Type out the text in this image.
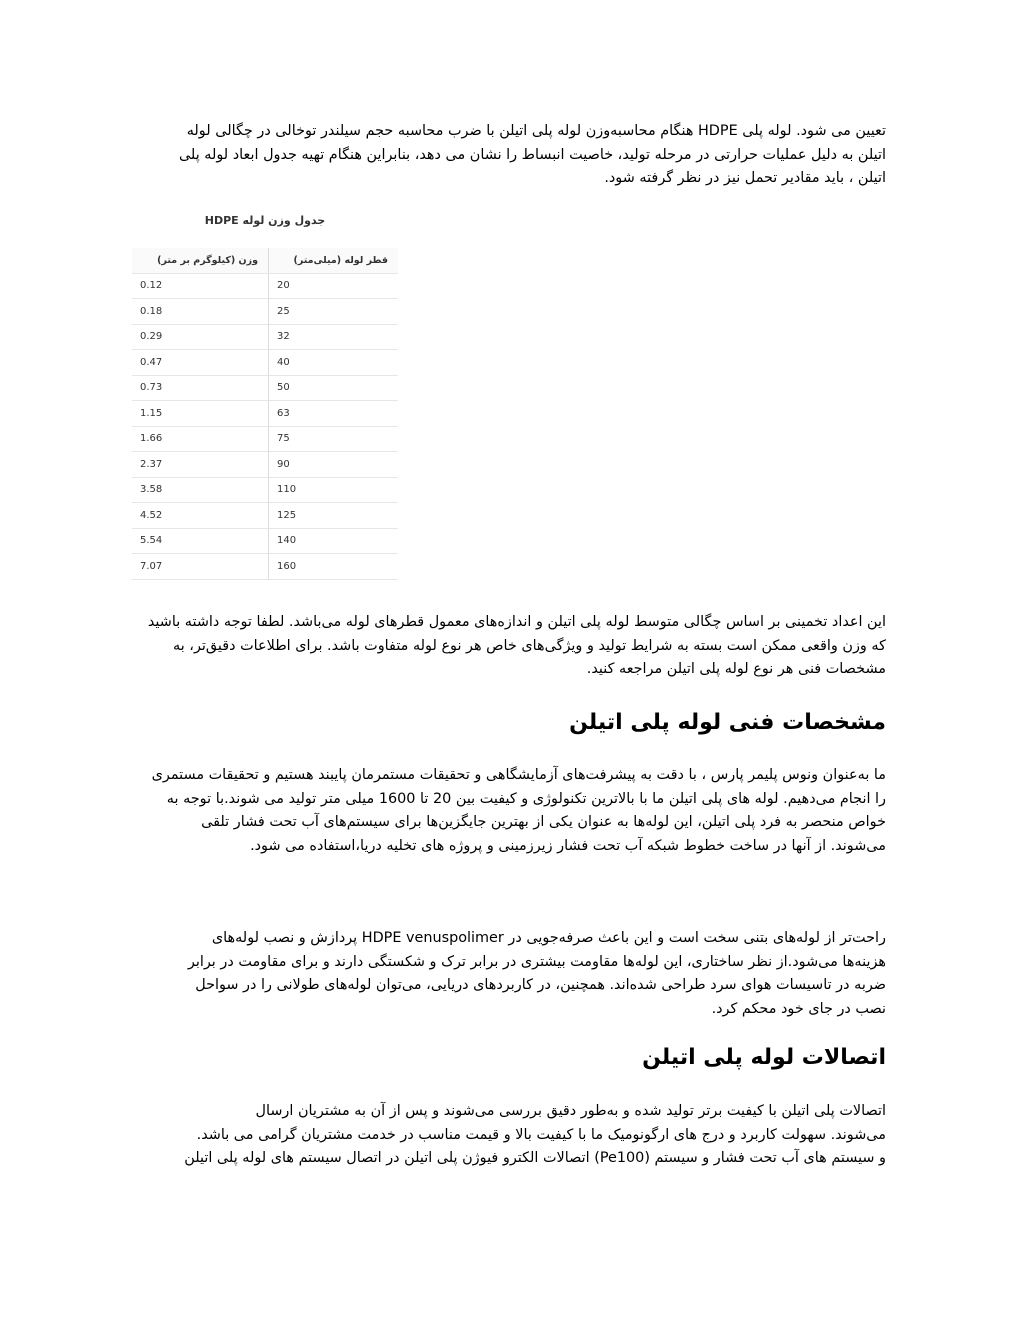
تعیین می شود. لوله پلی HDPE هنگام محاسبه‌وزن لوله پلی اتیلن با ضرب محاسبه حجم سیلندر توخالی در چگالی لوله
اتیلن به دلیل عملیات حرارتی در مرحله تولید، خاصیت انبساط را نشان می دهد، بنابراین هنگام تهیه جدول ابعاد لوله پلی
اتیلن ، باید مقادیر تحمل نیز در نظر گرفته شود.
جدول وزن لوله HDPE
وزن (کیلوگرم بر متر)	قطر لوله (میلی‌متر)
0.12	20
0.18	25
0.29	32
0.47	40
0.73	50
1.15	63
1.66	75
2.37	90
3.58	110
4.52	125
5.54	140
7.07	160
این اعداد تخمینی بر اساس چگالی متوسط لوله پلی اتیلن و اندازه‌های معمول قطرهای لوله می‌باشد. لطفا توجه داشته باشید
که وزن واقعی ممکن است بسته به شرایط تولید و ویژگی‌های خاص هر نوع لوله متفاوت باشد. برای اطلاعات دقیق‌تر، به
مشخصات فنی هر نوع لوله پلی اتیلن مراجعه کنید.
مشخصات فنی لوله پلی اتیلن
ما به‌عنوان ونوس پلیمر پارس ، با دقت به پیشرفت‌های آزمایشگاهی و تحقیقات مستمرمان پایبند هستیم و تحقیقات مستمری
را انجام می‌دهیم. لوله های پلی اتیلن ما با بالاترین تکنولوژی و کیفیت بین 20 تا 1600 میلی متر تولید می شوند.با توجه به
خواص منحصر به فرد پلی اتیلن، این لوله‌ها به عنوان یکی از بهترین جایگزین‌ها برای سیستم‌های آب تحت فشار تلقی
می‌شوند. از آنها در ساخت خطوط شبکه آب تحت فشار زیرزمینی و پروژه های تخلیه دریا،استفاده می شود.
راحت‌تر از لوله‌های بتنی سخت است و این باعث صرفه‌جویی در HDPE venuspolimer پردازش و نصب لوله‌های
هزینه‌ها می‌شود.از نظر ساختاری، این لوله‌ها مقاومت بیشتری در برابر ترک و شکستگی دارند و برای مقاومت در برابر
ضربه در تاسیسات هوای سرد طراحی شده‌اند. همچنین، در کاربردهای دریایی، می‌توان لوله‌های طولانی را در سواحل
نصب در جای خود محکم کرد.
اتصالات لوله پلی اتیلن
اتصالات پلی اتیلن با کیفیت برتر تولید شده و به‌طور دقیق بررسی می‌شوند و پس از آن به مشتریان ارسال
می‌شوند. سهولت کاربرد و درج های ارگونومیک ما با کیفیت بالا و قیمت مناسب در خدمت مشتریان گرامی می باشد.
و سیستم های آب تحت فشار و سیستم (Pe100) اتصالات الکترو فیوژن پلی اتیلن در اتصال سیستم های لوله پلی اتیلن
